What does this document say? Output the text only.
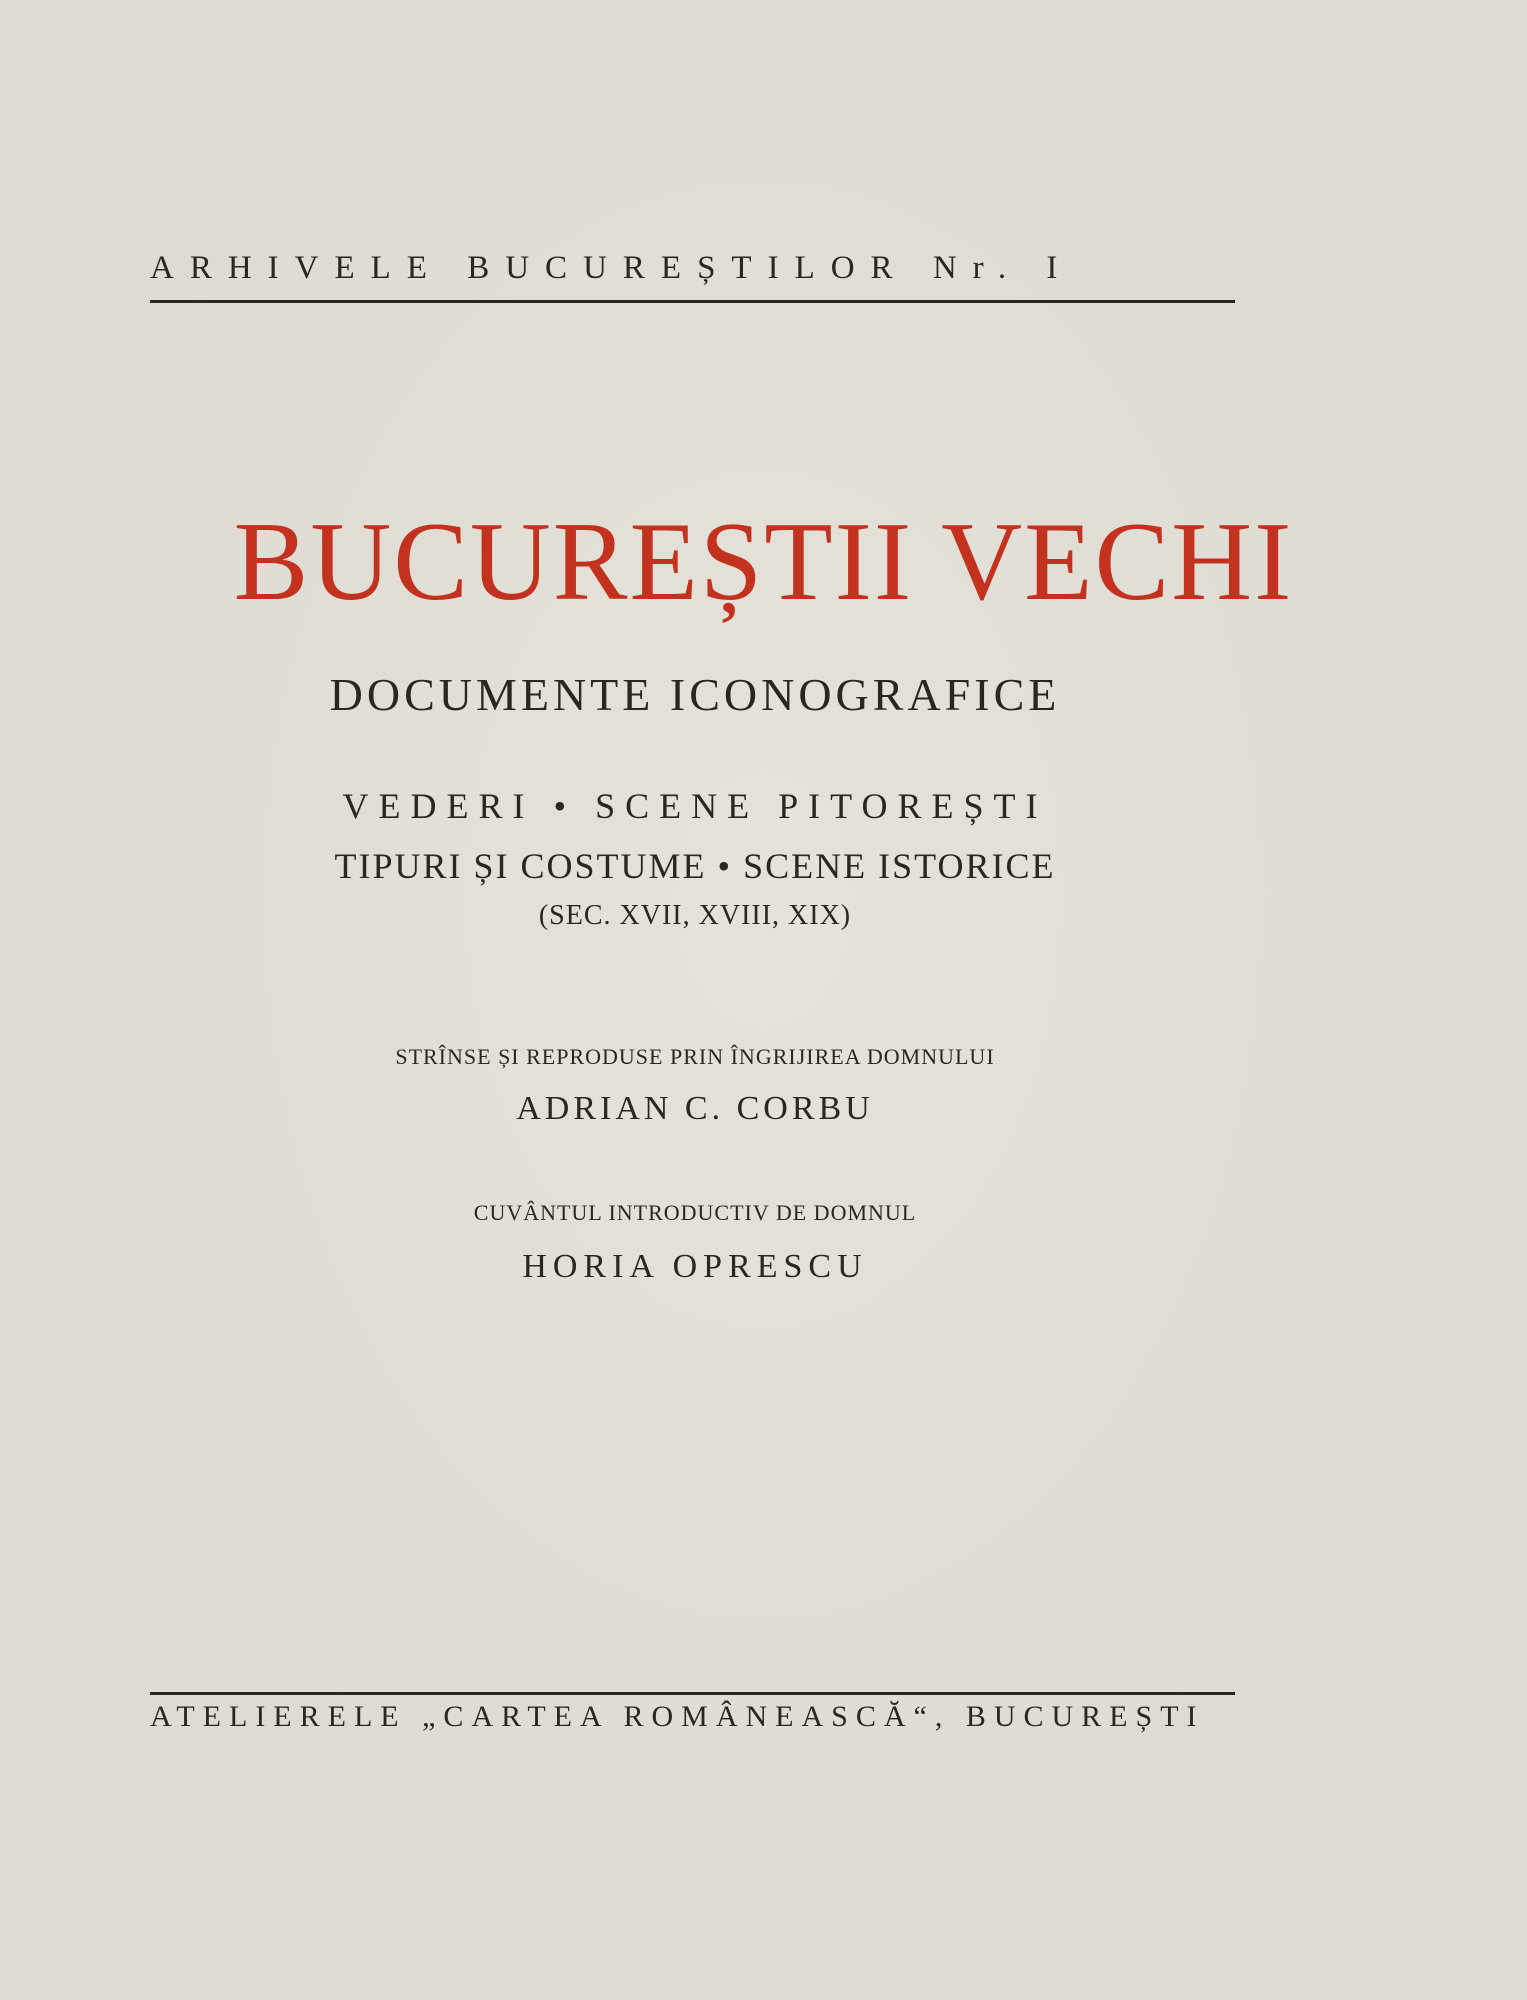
ARHIVELE BUCUREȘTILOR Nr. I
BUCUREȘTII VECHI
DOCUMENTE ICONOGRAFICE
VEDERI • SCENE PITOREȘTI
TIPURI ȘI COSTUME • SCENE ISTORICE
(SEC. XVII, XVIII, XIX)
STRÎNSE ȘI REPRODUSE PRIN ÎNGRIJIREA DOMNULUI
ADRIAN C. CORBU
CUVÂNTUL INTRODUCTIV DE DOMNUL
HORIA OPRESCU
ATELIERELE „CARTEA ROMÂNEASCĂ“, BUCUREȘTI
